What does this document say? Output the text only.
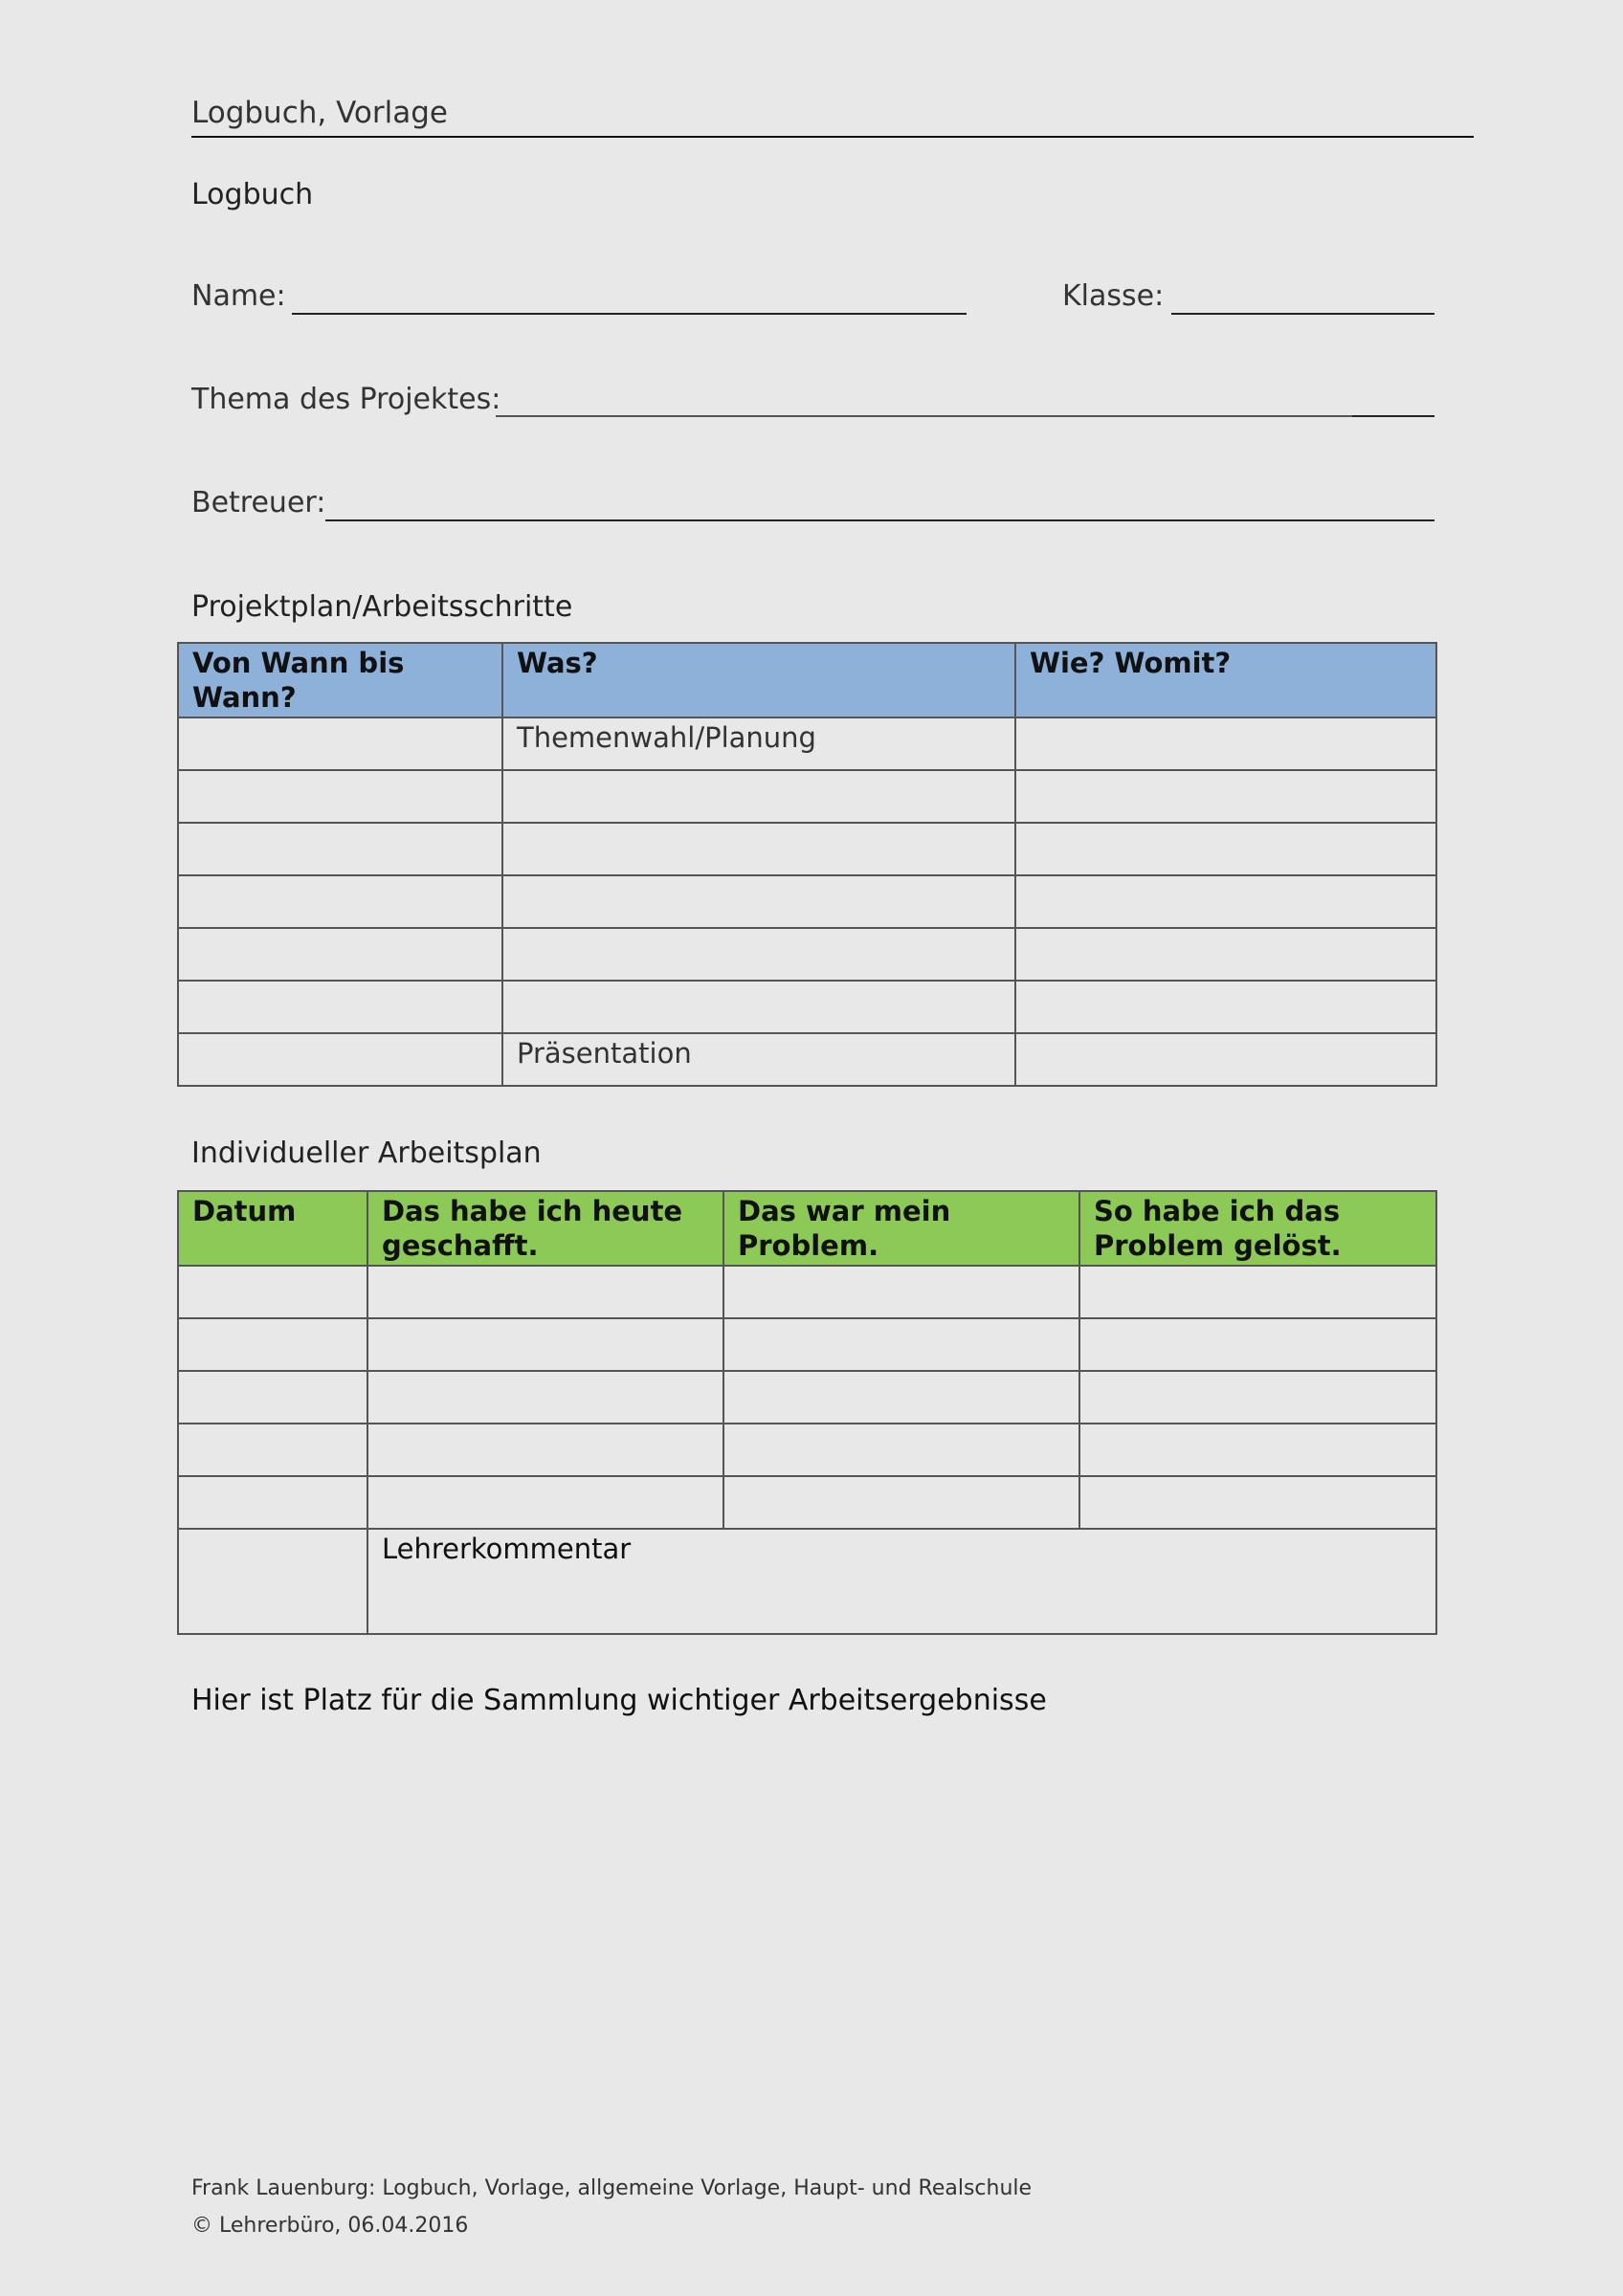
Logbuch, Vorlage
Logbuch
Name:	Klasse:
Thema des Projektes:
Betreuer:
Projektplan/Arbeitsschritte
Von Wann bis Wann?	Was?	Wie? Womit?
	Themenwahl/Planung	

	Präsentation	
Individueller Arbeitsplan
Datum	Das habe ich heute geschafft.	Das war mein Problem.	So habe ich das Problem gelöst.

	Lehrerkommentar		
Hier ist Platz für die Sammlung wichtiger Arbeitsergebnisse
Frank Lauenburg: Logbuch, Vorlage, allgemeine Vorlage, Haupt- und Realschule
© Lehrerbüro, 06.04.2016
